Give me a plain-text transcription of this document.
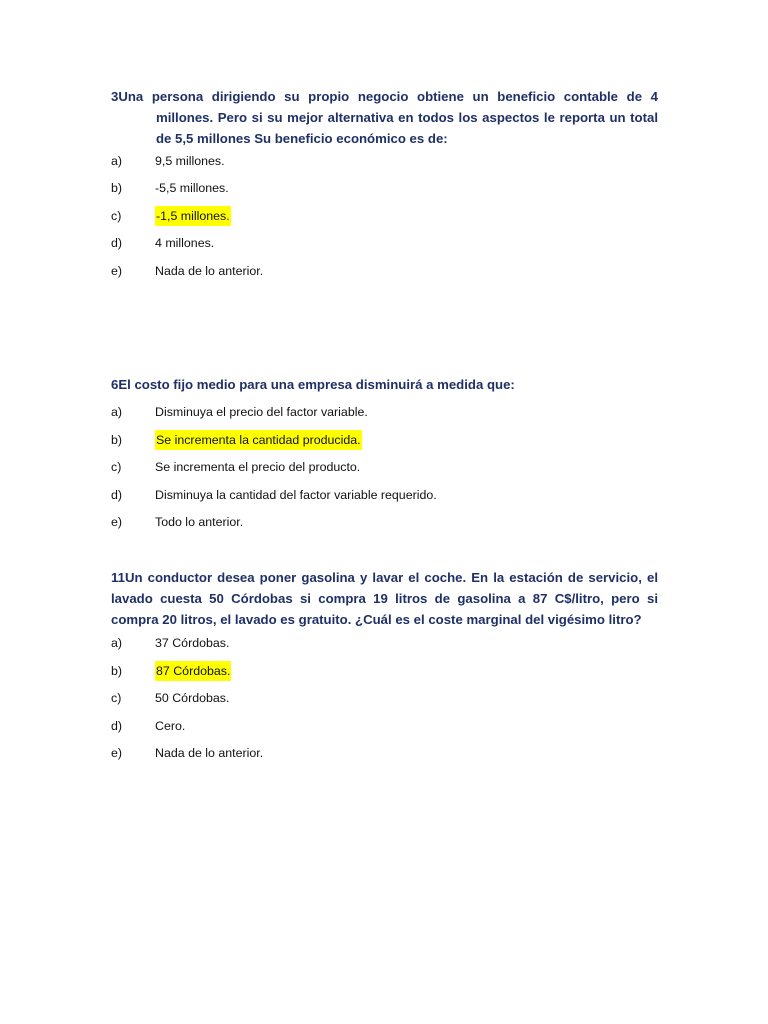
3Una persona dirigiendo su propio negocio obtiene un beneficio contable de 4
millones. Pero si su mejor alternativa en todos los aspectos le reporta un total de 5,5 millones Su beneficio económico es de:
a)	9,5 millones.
b)	-5,5 millones.
c)	-1,5 millones.
d)	4 millones.
e)	Nada de lo anterior.
6El costo fijo medio para una empresa disminuirá a medida que:
a)	Disminuya el precio del factor variable.
b)	Se incrementa la cantidad producida.
c)	Se incrementa el precio del producto.
d)	Disminuya la cantidad del factor variable requerido.
e)	Todo lo anterior.
11Un conductor desea poner gasolina y lavar el coche. En la estación de servicio, el
lavado cuesta 50 Córdobas si compra 19 litros de gasolina a 87 C$/litro, pero si compra 20 litros, el lavado es gratuito. ¿Cuál es el coste marginal del vigésimo litro?
a)	37 Córdobas.
b)	87 Córdobas.
c)	50 Córdobas.
d)	Cero.
e)	Nada de lo anterior.
